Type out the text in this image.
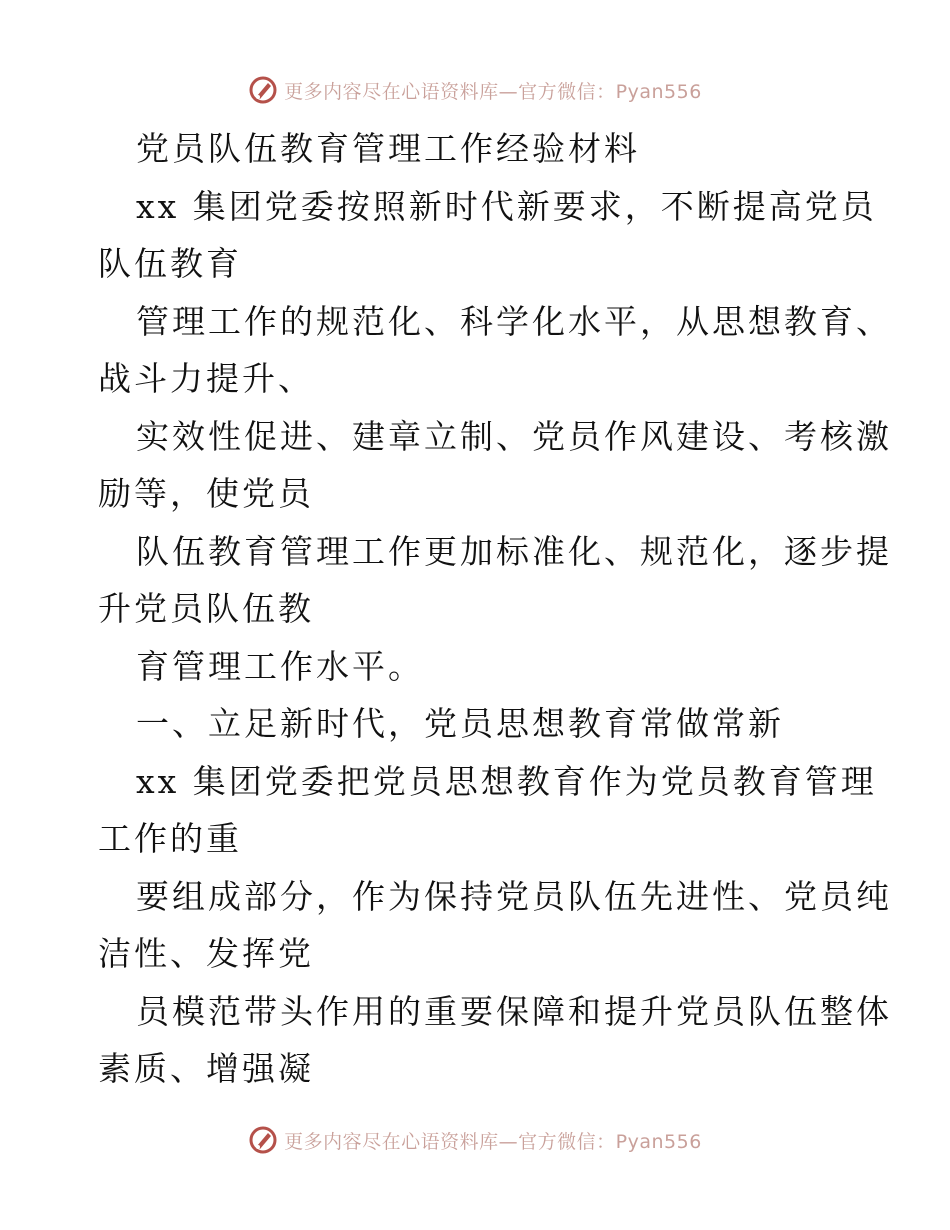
更多内容尽在心语资料库—官方微信：Pyan556
党员队伍教育管理工作经验材料
xx 集团党委按照新时代新要求，不断提高党员
队伍教育
管理工作的规范化、科学化水平，从思想教育、
战斗力提升、
实效性促进、建章立制、党员作风建设、考核激
励等，使党员
队伍教育管理工作更加标准化、规范化，逐步提
升党员队伍教
育管理工作水平。
一、立足新时代，党员思想教育常做常新
xx 集团党委把党员思想教育作为党员教育管理
工作的重
要组成部分，作为保持党员队伍先进性、党员纯
洁性、发挥党
员模范带头作用的重要保障和提升党员队伍整体
素质、增强凝
更多内容尽在心语资料库—官方微信：Pyan556
